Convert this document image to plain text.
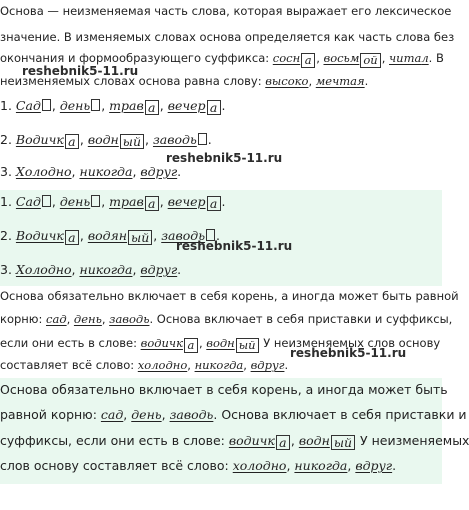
Основа — неизменяемая часть слова, которая выражает его лексическое
значение. В изменяемых словах основа определяется как часть слова без
окончания и формообразующего суффикса: сосн а , восьм ой , читал. В
неизменяемых словах основа равна слову: высоко, мечтая.
1. Сад , день , трав а , вечер а .
2. Водичк а , водн ый , заводь .
3. Холодно, никогда, вдруг.
1. Сад , день , трав а , вечер а .
2. Водичк а , водян ый , заводь .
3. Холодно, никогда, вдруг.
Основа обязательно включает в себя корень, а иногда может быть равной
корню: сад, день, заводь. Основа включает в себя приставки и суффиксы,
если они есть в слове: водичк а , водн ый У неизменяемых слов основу
составляет всё слово: холодно, никогда, вдруг.
Основа обязательно включает в себя корень, а иногда может быть
равной корню: сад, день, заводь. Основа включает в себя приставки и
суффиксы, если они есть в слове: водичк а , водн ый У неизменяемых
слов основу составляет всё слово: холодно, никогда, вдруг.
reshebnik5-11.ru
reshebnik5-11.ru
reshebnik5-11.ru
reshebnik5-11.ru
